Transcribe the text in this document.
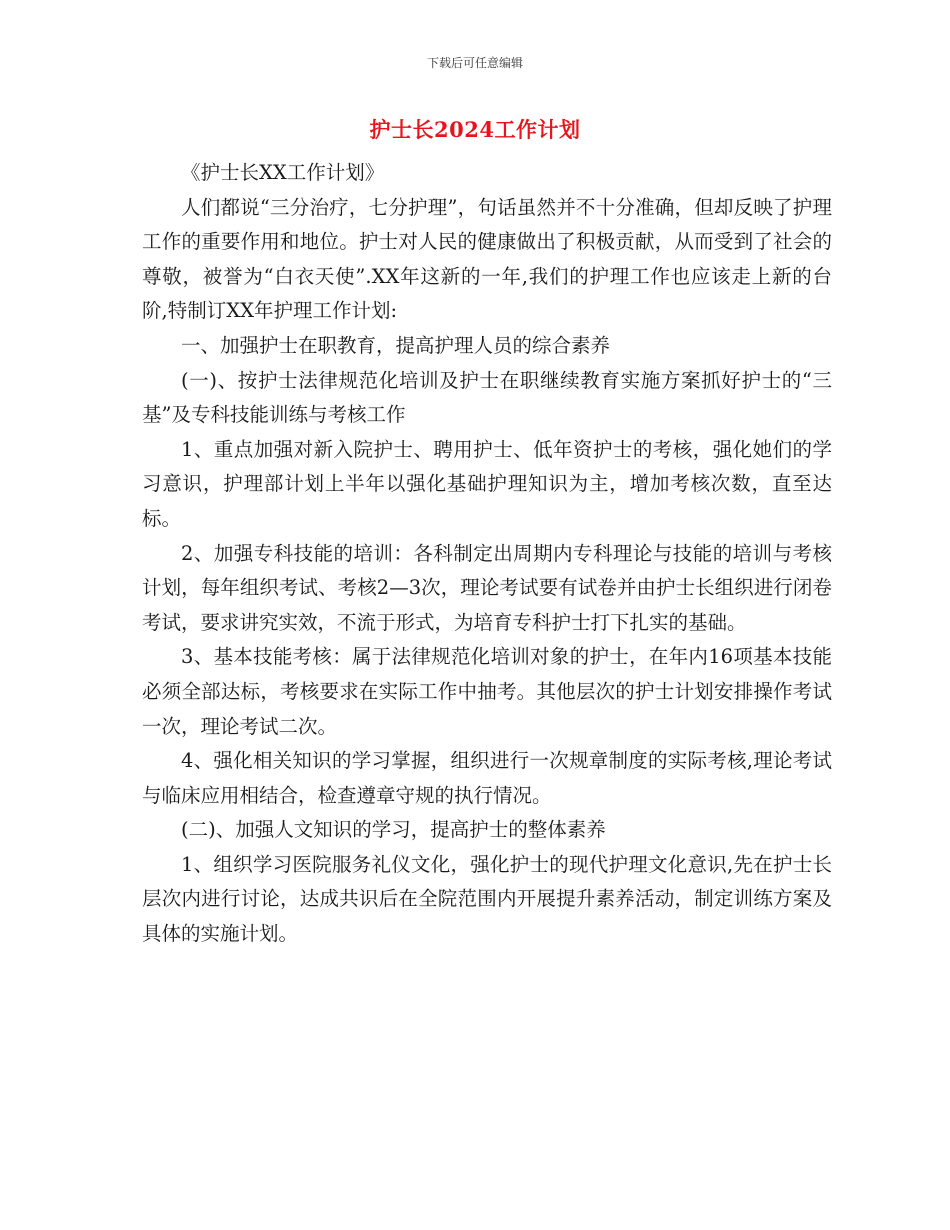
下载后可任意编辑
护士长2024工作计划

《护士长XX工作计划》

人们都说“三分治疗，七分护理”，句话虽然并不十分准确，但却反映了护理工作的重要作用和地位。护士对人民的健康做出了积极贡献，从而受到了社会的尊敬，被誉为“白衣天使”.XX年这新的一年,我们的护理工作也应该走上新的台阶,特制订XX年护理工作计划:

一、加强护士在职教育，提高护理人员的综合素养

(一)、按护士法律规范化培训及护士在职继续教育实施方案抓好护士的“三基”及专科技能训练与考核工作

1、重点加强对新入院护士、聘用护士、低年资护士的考核，强化她们的学习意识，护理部计划上半年以强化基础护理知识为主，增加考核次数，直至达标。

2、加强专科技能的培训：各科制定出周期内专科理论与技能的培训与考核计划，每年组织考试、考核2—3次，理论考试要有试卷并由护士长组织进行闭卷考试，要求讲究实效，不流于形式，为培育专科护士打下扎实的基础。

3、基本技能考核：属于法律规范化培训对象的护士，在年内16项基本技能必须全部达标，考核要求在实际工作中抽考。其他层次的护士计划安排操作考试一次，理论考试二次。

4、强化相关知识的学习掌握，组织进行一次规章制度的实际考核,理论考试与临床应用相结合，检查遵章守规的执行情况。

(二)、加强人文知识的学习，提高护士的整体素养

1、组织学习医院服务礼仪文化，强化护士的现代护理文化意识,先在护士长层次内进行讨论，达成共识后在全院范围内开展提升素养活动，制定训练方案及具体的实施计划。
